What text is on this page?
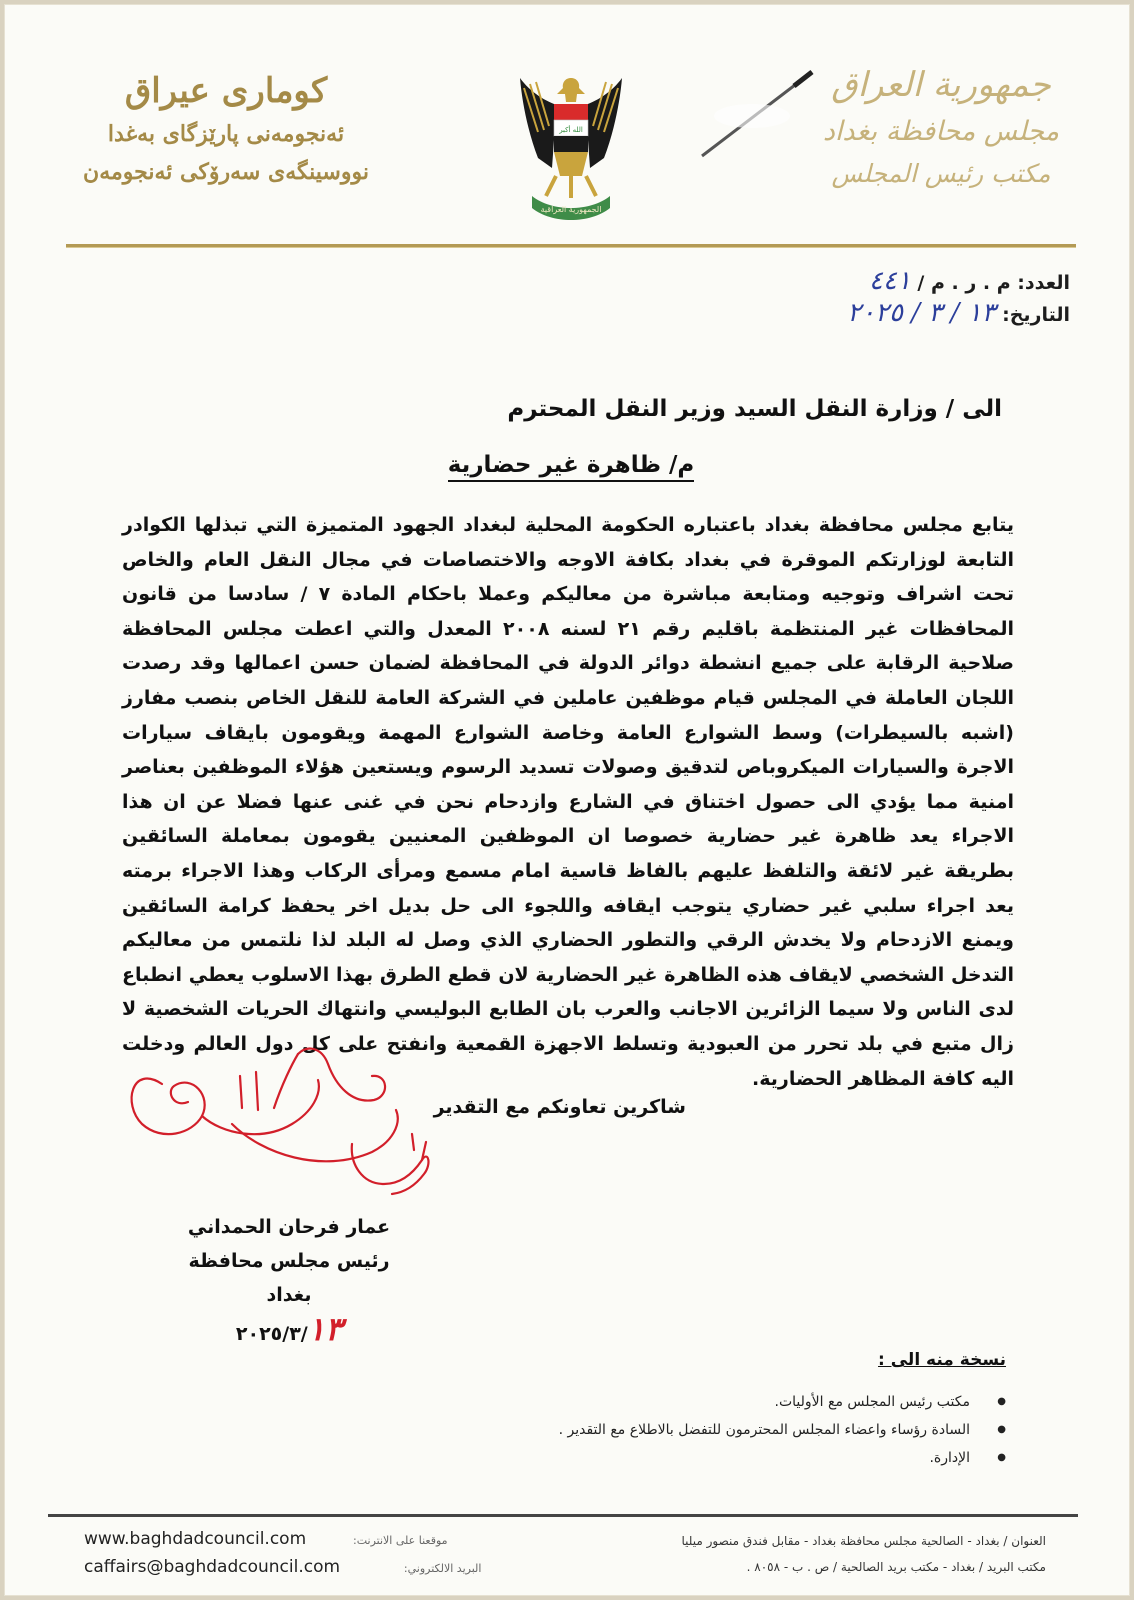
کوماری عیراق
ئەنجومەنی پارێزگای بەغدا
نووسینگەی سەرۆکی ئەنجومەن
الله أكبر
الجمهورية العراقية
جمهورية العراق
مجلس محافظة بغداد
مكتب رئيس المجلس
العدد: م . ر . م / ٤٤١
التاريخ: ١٣ / ٣ / ٢٠٢٥
الى / وزارة النقل السيد وزير النقل المحترم
م/ ظاهرة غير حضارية
يتابع مجلس محافظة بغداد باعتباره الحكومة المحلية لبغداد الجهود المتميزة التي تبذلها الكوادر التابعة لوزارتكم الموقرة في بغداد بكافة الاوجه والاختصاصات في مجال النقل العام والخاص تحت اشراف وتوجيه ومتابعة مباشرة من معاليكم وعملا باحكام المادة ٧ / سادسا من قانون المحافظات غير المنتظمة باقليم رقم ٢١ لسنه ٢٠٠٨ المعدل والتي اعطت مجلس المحافظة صلاحية الرقابة على جميع انشطة دوائر الدولة في المحافظة لضمان حسن اعمالها وقد رصدت اللجان العاملة في المجلس قيام موظفين عاملين في الشركة العامة للنقل الخاص بنصب مفارز (اشبه بالسيطرات) وسط الشوارع العامة وخاصة الشوارع المهمة ويقومون بايقاف سيارات الاجرة والسيارات الميكروباص لتدقيق وصولات تسديد الرسوم ويستعين هؤلاء الموظفين بعناصر امنية مما يؤدي الى حصول اختناق في الشارع وازدحام نحن في غنى عنها فضلا عن ان هذا الاجراء يعد ظاهرة غير حضارية خصوصا ان الموظفين المعنيين يقومون بمعاملة السائقين بطريقة غير لائقة والتلفظ عليهم بالفاظ قاسية امام مسمع ومرأى الركاب وهذا الاجراء برمته يعد اجراء سلبي غير حضاري يتوجب ايقافه واللجوء الى حل بديل اخر يحفظ كرامة السائقين ويمنع الازدحام ولا يخدش الرقي والتطور الحضاري الذي وصل له البلد لذا نلتمس من معاليكم التدخل الشخصي لايقاف هذه الظاهرة غير الحضارية لان قطع الطرق بهذا الاسلوب يعطي انطباع لدى الناس ولا سيما الزائرين الاجانب والعرب بان الطابع البوليسي وانتهاك الحريات الشخصية لا زال متبع في بلد تحرر من العبودية وتسلط الاجهزة القمعية وانفتح على كل دول العالم ودخلت اليه كافة المظاهر الحضارية.
شاكرين تعاونكم مع التقدير
عمار فرحان الحمداني
رئيس مجلس محافظة بغداد
٢٠٢٥/٣/١٣
نسخة منه الى :
● مكتب رئيس المجلس مع الأوليات.
● السادة رؤساء واعضاء المجلس المحترمون للتفضل بالاطلاع مع التقدير .
● الإدارة.
www.baghdadcouncil.com	موقعنا على الانترنت:
caffairs@baghdadcouncil.com	البريد الالكتروني:
العنوان / بغداد - الصالحية مجلس محافظة بغداد - مقابل فندق منصور ميليا
مكتب البريد / بغداد - مكتب بريد الصالحية / ص . ب - ٨٠٥٨ .
